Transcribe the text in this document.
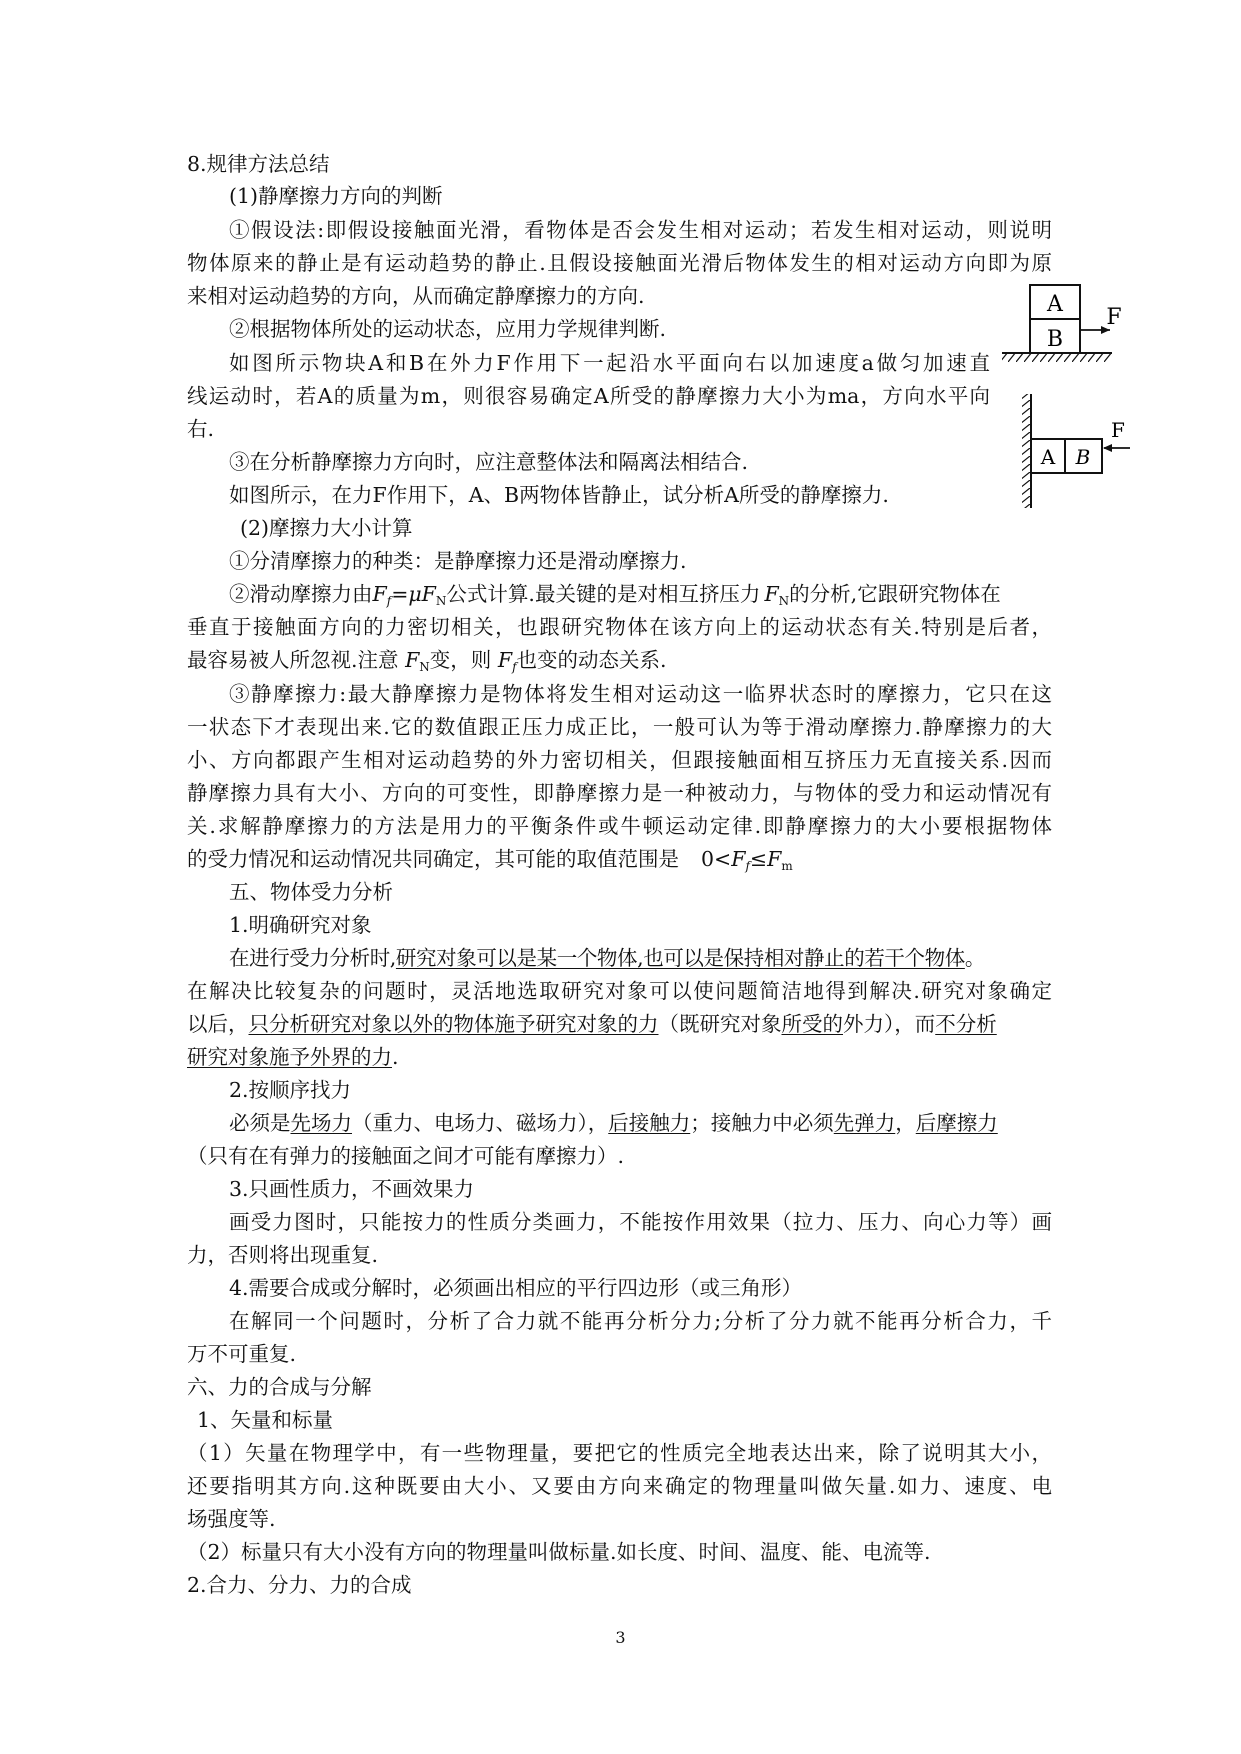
8.规律方法总结
(1)静摩擦力方向的判断
①假设法:即假设接触面光滑，看物体是否会发生相对运动；若发生相对运动，则说明
物体原来的静止是有运动趋势的静止.且假设接触面光滑后物体发生的相对运动方向即为原
来相对运动趋势的方向，从而确定静摩擦力的方向.
②根据物体所处的运动状态，应用力学规律判断.
如图所示物块A和B在外力F作用下一起沿水平面向右以加速度a做匀加速直
线运动时，若A的质量为m，则很容易确定A所受的静摩擦力大小为ma，方向水平向
右.
③在分析静摩擦力方向时，应注意整体法和隔离法相结合.
如图所示，在力F作用下，A、B两物体皆静止，试分析A所受的静摩擦力.
(2)摩擦力大小计算
①分清摩擦力的种类：是静摩擦力还是滑动摩擦力.
②滑动摩擦力由$F_f=\mu F_N$公式计算.最关键的是对相互挤压力 $F_N$的分析,它跟研究物体在
垂直于接触面方向的力密切相关，也跟研究物体在该方向上的运动状态有关.特别是后者，
最容易被人所忽视.注意 $F_N$变，则 $F_f$也变的动态关系.
③静摩擦力:最大静摩擦力是物体将发生相对运动这一临界状态时的摩擦力，它只在这
一状态下才表现出来.它的数值跟正压力成正比，一般可认为等于滑动摩擦力.静摩擦力的大
小、方向都跟产生相对运动趋势的外力密切相关，但跟接触面相互挤压力无直接关系.因而
静摩擦力具有大小、方向的可变性，即静摩擦力是一种被动力，与物体的受力和运动情况有
关.求解静摩擦力的方法是用力的平衡条件或牛顿运动定律.即静摩擦力的大小要根据物体
的受力情况和运动情况共同确定，其可能的取值范围是 $0<F_f\le F_m$
五、物体受力分析
1.明确研究对象
在进行受力分析时,研究对象可以是某一个物体,也可以是保持相对静止的若干个物体。
在解决比较复杂的问题时，灵活地选取研究对象可以使问题简洁地得到解决.研究对象确定
以后，只分析研究对象以外的物体施予研究对象的力（既研究对象所受的外力），而不分析
研究对象施予外界的力.
2.按顺序找力
必须是先场力（重力、电场力、磁场力），后接触力；接触力中必须先弹力，后摩擦力
（只有在有弹力的接触面之间才可能有摩擦力）.
3.只画性质力，不画效果力
画受力图时，只能按力的性质分类画力，不能按作用效果（拉力、压力、向心力等）画
力，否则将出现重复.
4.需要合成或分解时，必须画出相应的平行四边形（或三角形）
在解同一个问题时，分析了合力就不能再分析分力;分析了分力就不能再分析合力，千
万不可重复.
六、力的合成与分解
1、矢量和标量
（1）矢量在物理学中，有一些物理量，要把它的性质完全地表达出来，除了说明其大小，
还要指明其方向.这种既要由大小、又要由方向来确定的物理量叫做矢量.如力、速度、电
场强度等.
（2）标量只有大小没有方向的物理量叫做标量.如长度、时间、温度、能、电流等.
2.合力、分力、力的合成
A
B
F
A B
F
3
